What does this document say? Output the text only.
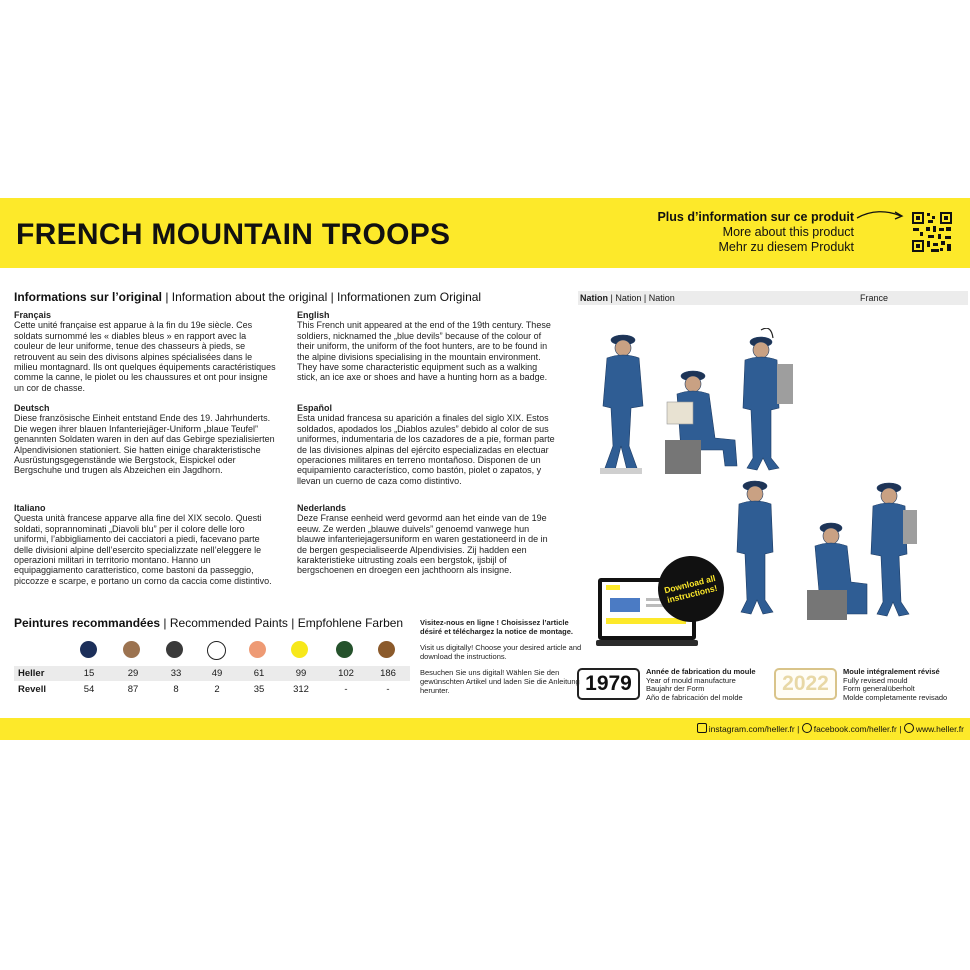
FRENCH MOUNTAIN TROOPS
Plus d’information sur ce produit
More about this product
Mehr zu diesem Produkt
Informations sur l’original | Information about the original | Informationen zum Original
Français
Cette unité française est apparue à la fin du 19e siècle. Ces soldats surnommé les « diables bleus » en rapport avec la couleur de leur uniforme, tenue des chasseurs à pieds, se retrouvent au sein des divisons alpines spécialisées dans le milieu montagnard. Ils ont quelques équipements caractéristiques comme la canne, le piolet ou les chaussures et ont pour insigne un cor de chasse.
English
This French unit appeared at the end of the 19th century. These soldiers, nicknamed the „blue devils” because of the colour of their uniform, the uniform of the foot hunters, are to be found in the alpine divisions specialising in the mountain environment. They have some characteristic equipment such as a walking stick, an ice axe or shoes and have a hunting horn as a badge.
Deutsch
Diese französische Einheit entstand Ende des 19. Jahrhunderts. Die wegen ihrer blauen Infanteriejäger-Uniform „blaue Teufel” genannten Soldaten waren in den auf das Gebirge spezialisierten Alpendivisionen stationiert. Sie hatten einige charakteristische Ausrüstungsgegenstände wie Bergstock, Eispickel oder Bergschuhe und trugen als Abzeichen ein Jagdhorn.
Español
Esta unidad francesa su aparición a finales del siglo XIX. Estos soldados, apodados los „Diablos azules” debido al color de sus uniformes, indumentaria de los cazadores de a pie, forman parte de las divisiones alpinas del ejército especializadas en electuar operaciones militares en terreno montañoso. Disponen de un equipamiento característico, como bastón, piolet o zapatos, y llevan un cuerno de caza como distintivo.
Italiano
Questa unità francese apparve alla fine del XIX secolo. Questi soldati, soprannominati „Diavoli blu” per il colore delle loro uniformi, l’abbigliamento dei cacciatori a piedi, facevano parte delle divisioni alpine dell’esercito specializzate nell’eleggere le operazioni militari in territorio montano. Hanno un equipaggiamento caratteristico, come bastoni da passeggio, piccozze e scarpe, e portano un corno da caccia come distintivo.
Nederlands
Deze Franse eenheid werd gevormd aan het einde van de 19e eeuw. Ze werden „blauwe duivels” genoemd vanwege hun blauwe infanteriejagersuniform en waren gestationeerd in de in de bergen gespecialiseerde Alpendivisies. Zij hadden een karakteristieke uitrusting zoals een bergstok, ijsbijl of bergschoenen en droegen een jachthoorn als insigne.
Nation | Nation | Nation	France
Download all instructions!
Peintures recommandées | Recommended Paints | Empfohlene Farben
Heller	15	29	33	49	61	99	102	186
Revell	54	87	8	2	35	312	-	-

Visitez-nous en ligne ! Choisissez l’article désiré et téléchargez la notice de montage.

Visit us digitally! Choose your desired article and download the instructions.

Besuchen Sie uns digital! Wählen Sie den gewünschten Artikel und laden Sie die Anleitung herunter.	1979
Année de fabrication du moule
Year of mould manufacture
Baujahr der Form
Año de fabricación del molde
2022
Moule intégralement révisé
Fully revised mould
Form generalüberholt
Molde completamente revisado
instagram.com/heller.fr | facebook.com/heller.fr | www.heller.fr
